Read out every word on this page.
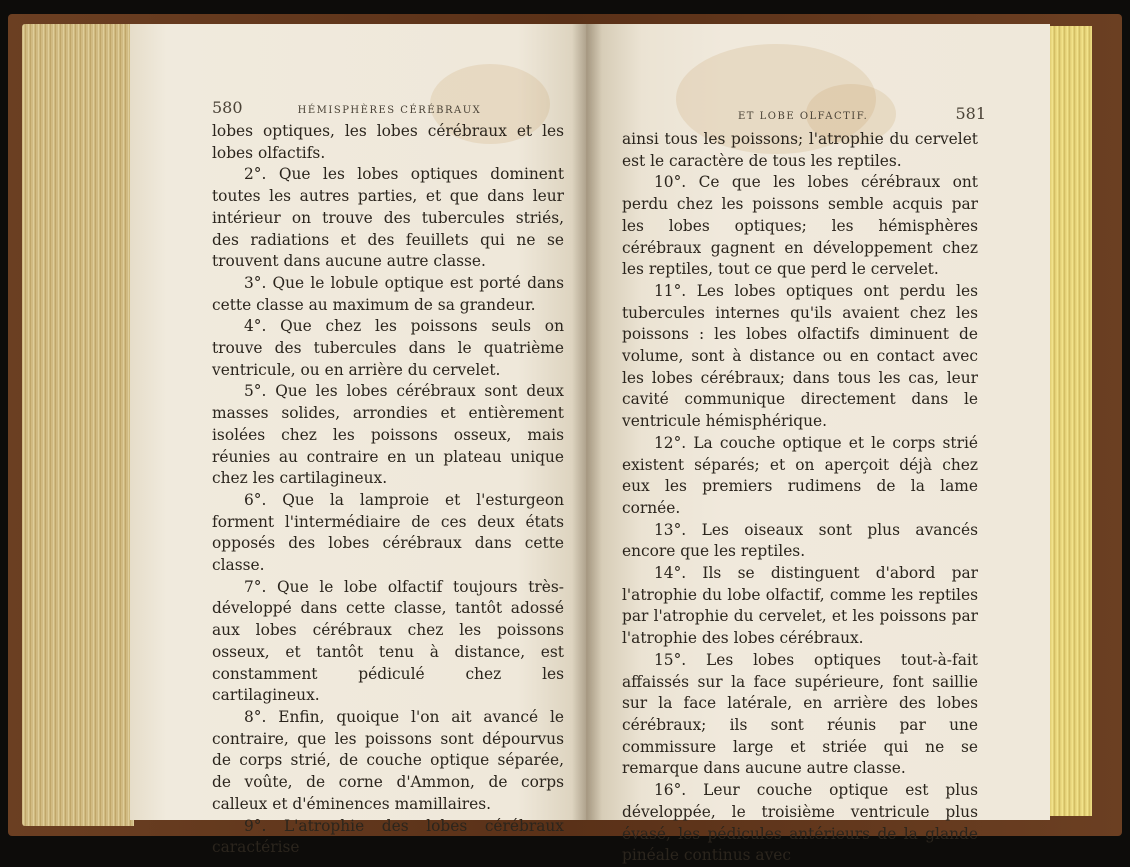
580	HÉMISPHÈRES CÉRÉBRAUX

lobes optiques, les lobes cérébraux et les lobes olfactifs.

2°. Que les lobes optiques dominent toutes les autres parties, et que dans leur intérieur on trouve des tubercules striés, des radiations et des feuillets qui ne se trouvent dans aucune autre classe.

3°. Que le lobule optique est porté dans cette classe au maximum de sa grandeur.

4°. Que chez les poissons seuls on trouve des tubercules dans le quatrième ventricule, ou en arrière du cervelet.

5°. Que les lobes cérébraux sont deux masses solides, arrondies et entièrement isolées chez les poissons osseux, mais réunies au contraire en un plateau unique chez les cartilagineux.

6°. Que la lamproie et l'esturgeon forment l'intermédiaire de ces deux états opposés des lobes cérébraux dans cette classe.

7°. Que le lobe olfactif toujours très-développé dans cette classe, tantôt adossé aux lobes cérébraux chez les poissons osseux, et tantôt tenu à distance, est constamment pédiculé chez les cartilagineux.

8°. Enfin, quoique l'on ait avancé le contraire, que les poissons sont dépourvus de corps strié, de couche optique séparée, de voûte, de corne d'Ammon, de corps calleux et d'éminences mamillaires.

9°. L'atrophie des lobes cérébraux caractérise

ET LOBE OLFACTIF.	581

ainsi tous les poissons; l'atrophie du cervelet est le caractère de tous les reptiles.

10°. Ce que les lobes cérébraux ont perdu chez les poissons semble acquis par les lobes optiques; les hémisphères cérébraux gagnent en développement chez les reptiles, tout ce que perd le cervelet.

11°. Les lobes optiques ont perdu les tubercules internes qu'ils avaient chez les poissons : les lobes olfactifs diminuent de volume, sont à distance ou en contact avec les lobes cérébraux; dans tous les cas, leur cavité communique directement dans le ventricule hémisphérique.

12°. La couche optique et le corps strié existent séparés; et on aperçoit déjà chez eux les premiers rudimens de la lame cornée.

13°. Les oiseaux sont plus avancés encore que les reptiles.

14°. Ils se distinguent d'abord par l'atrophie du lobe olfactif, comme les reptiles par l'atrophie du cervelet, et les poissons par l'atrophie des lobes cérébraux.

15°. Les lobes optiques tout-à-fait affaissés sur la face supérieure, font saillie sur la face latérale, en arrière des lobes cérébraux; ils sont réunis par une commissure large et striée qui ne se remarque dans aucune autre classe.

16°. Leur couche optique est plus développée, le troisième ventricule plus évasé, les pédicules antérieurs de la glande pinéale continus avec
